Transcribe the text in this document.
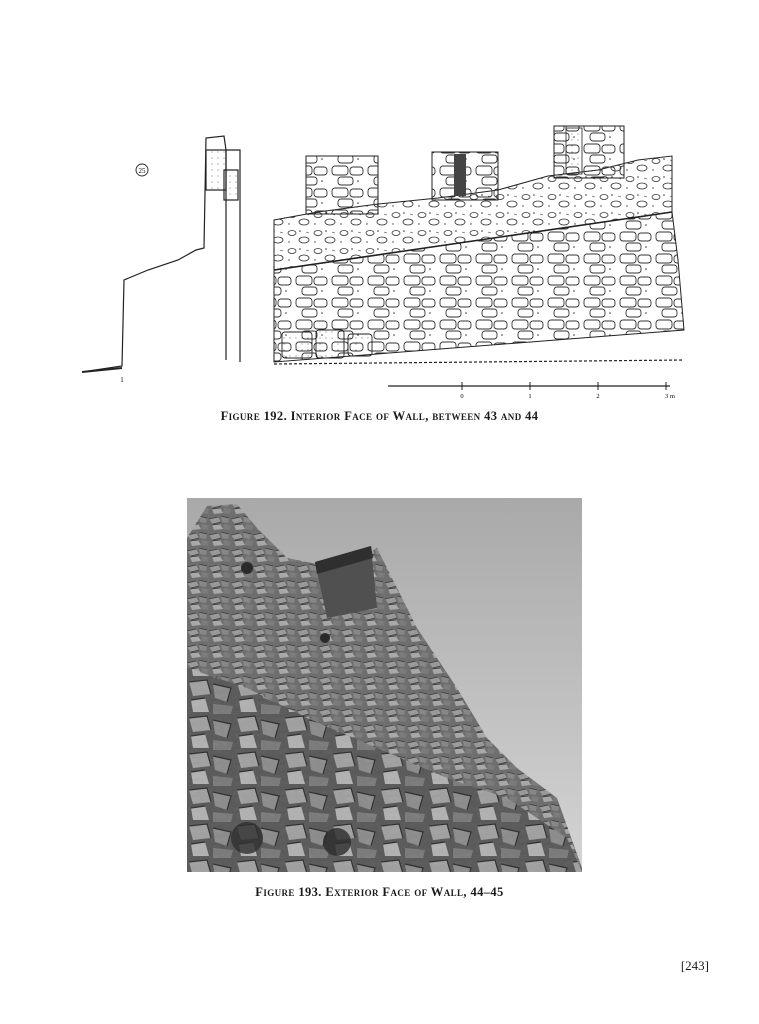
25
1
0	1	2	3 m
Figure 192. Interior Face of Wall, between 43 and 44
Figure 193. Exterior Face of Wall, 44–45
[243]
